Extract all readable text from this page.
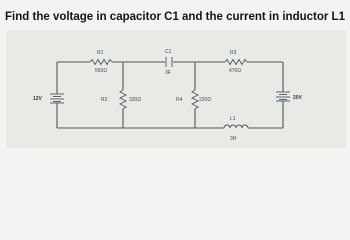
Find the voltage in capacitor C1 and the current in inductor L1
12V	20V
R1
560Ω
C1
3F
R3
470Ω
R2	330Ω	R4	220Ω
L1
3H
